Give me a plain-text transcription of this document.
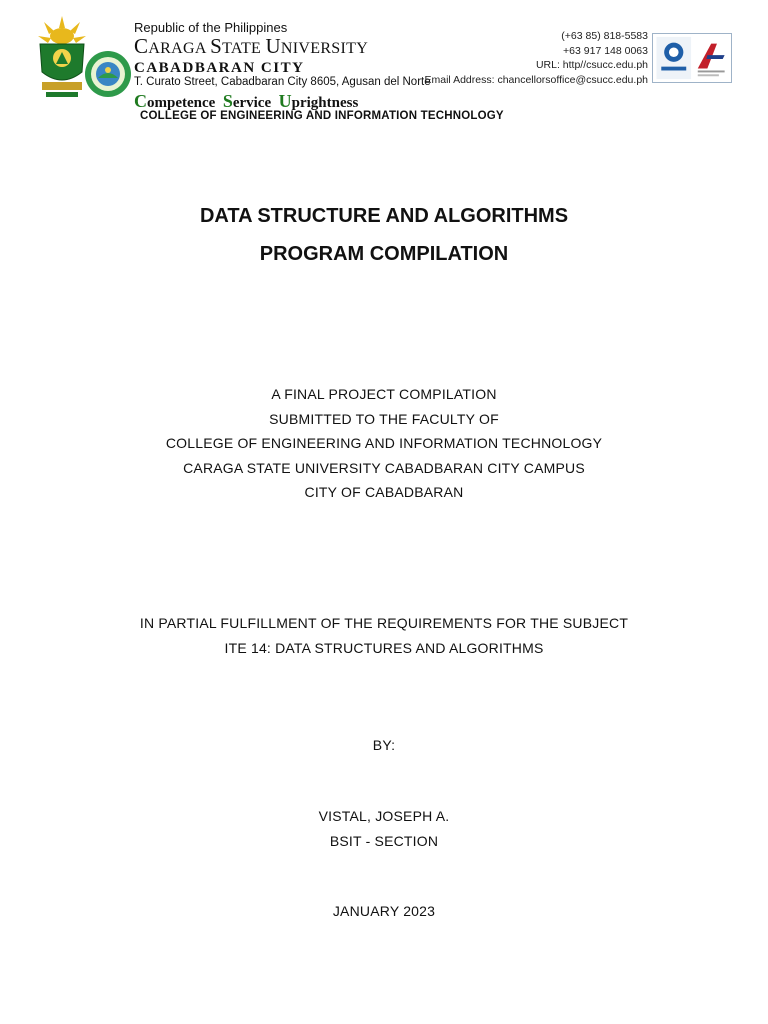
Republic of the Philippines
CARAGA STATE UNIVERSITY
CABADBARAN CITY
T. Curato Street, Cabadbaran City 8605, Agusan del Norte
Competence Service Uprightness
(+63 85) 818-5583
+63 917 148 0063
URL: http//csucc.edu.ph
Email Address: chancellorsoffice@csucc.edu.ph
COLLEGE OF ENGINEERING AND INFORMATION TECHNOLOGY
DATA STRUCTURE AND ALGORITHMS
PROGRAM COMPILATION
A FINAL PROJECT COMPILATION
SUBMITTED TO THE FACULTY OF
COLLEGE OF ENGINEERING AND INFORMATION TECHNOLOGY
CARAGA STATE UNIVERSITY CABADBARAN CITY CAMPUS
CITY OF CABADBARAN
IN PARTIAL FULFILLMENT OF THE REQUIREMENTS FOR THE SUBJECT
ITE 14: DATA STRUCTURES AND ALGORITHMS
BY:
VISTAL, JOSEPH A.
BSIT - SECTION
JANUARY 2023
